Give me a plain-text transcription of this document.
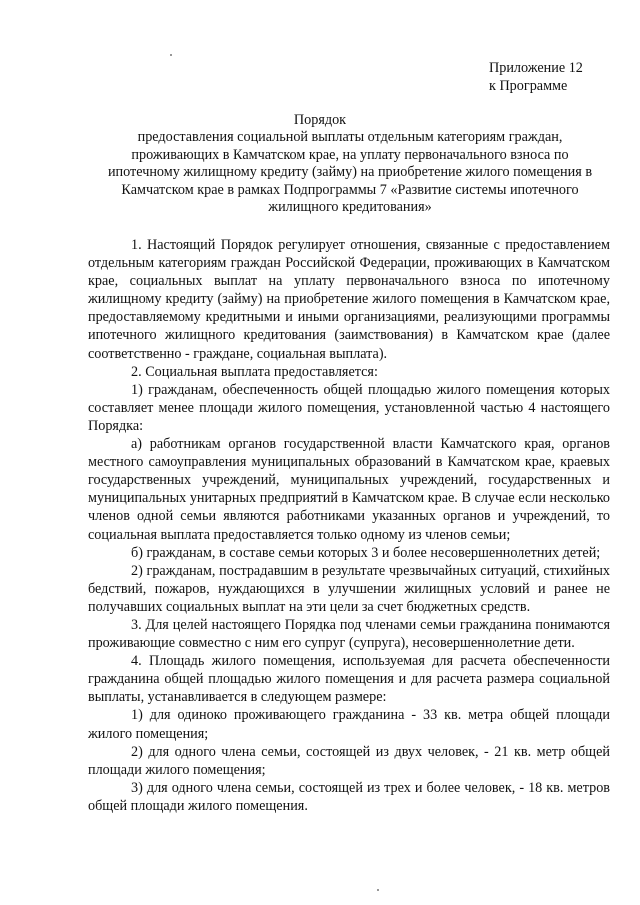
Приложение 12
к Программе
Порядок
предоставления социальной выплаты отдельным категориям граждан, проживающих в Камчатском крае, на уплату первоначального взноса по ипотечному жилищному кредиту (займу) на приобретение жилого помещения в Камчатском крае в рамках Подпрограммы 7 «Развитие системы ипотечного жилищного кредитования»

1. Настоящий Порядок регулирует отношения, связанные с предоставлением отдельным категориям граждан Российской Федерации, проживающих в Камчатском крае, социальных выплат на уплату первоначального взноса по ипотечному жилищному кредиту (займу) на приобретение жилого помещения в Камчатском крае, предоставляемому кредитными и иными организациями, реализующими программы ипотечного жилищного кредитования (заимствования) в Камчатском крае (далее соответственно - граждане, социальная выплата).

2. Социальная выплата предоставляется:

1) гражданам, обеспеченность общей площадью жилого помещения которых составляет менее площади жилого помещения, установленной частью 4 настоящего Порядка:

а) работникам органов государственной власти Камчатского края, органов местного самоуправления муниципальных образований в Камчатском крае, краевых государственных учреждений, муниципальных учреждений, государственных и муниципальных унитарных предприятий в Камчатском крае. В случае если несколько членов одной семьи являются работниками указанных органов и учреждений, то социальная выплата предоставляется только одному из членов семьи;

б) гражданам, в составе семьи которых 3 и более несовершеннолетних детей;

2) гражданам, пострадавшим в результате чрезвычайных ситуаций, стихийных бедствий, пожаров, нуждающихся в улучшении жилищных условий и ранее не получавших социальных выплат на эти цели за счет бюджетных средств.

3. Для целей настоящего Порядка под членами семьи гражданина понимаются проживающие совместно с ним его супруг (супруга), несовершеннолетние дети.

4. Площадь жилого помещения, используемая для расчета обеспеченности гражданина общей площадью жилого помещения и для расчета размера социальной выплаты, устанавливается в следующем размере:

1) для одиноко проживающего гражданина - 33 кв. метра общей площади жилого помещения;

2) для одного члена семьи, состоящей из двух человек, - 21 кв. метр общей площади жилого помещения;

3) для одного члена семьи, состоящей из трех и более человек, - 18 кв. метров общей площади жилого помещения.
